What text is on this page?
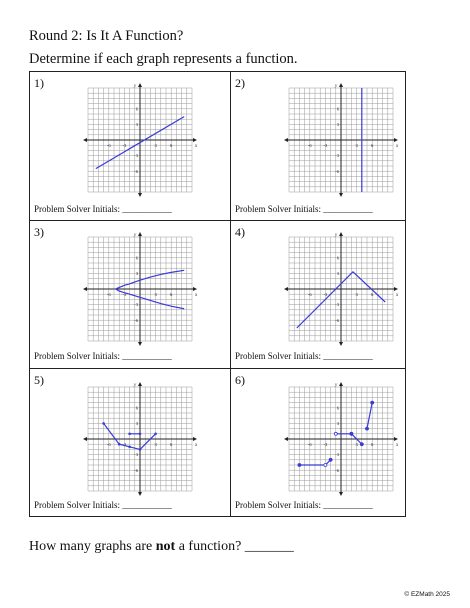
Round 2: Is It A Function?
Determine if each graph represents a function.
1)
x
y
-6	-3	3	6
6
3
-3
-6
Problem Solver Initials: ___________
2)
x
y
-6	-3	3	6
6
3
-3
-6
Problem Solver Initials: ___________
3)
x
y
-6	-3	3	6
6
3
-3
-6
Problem Solver Initials: ___________
4)
x
y
-6	-3	3	6
6
3
-3
-6
Problem Solver Initials: ___________
5)
x
y
-6	-3	3	6
6
3
-3
-6
Problem Solver Initials: ___________
6)
x
y
-6	-3	3	6
6
3
-3
-6
Problem Solver Initials: ___________
How many graphs are not a function? _______
© EZMath 2025
